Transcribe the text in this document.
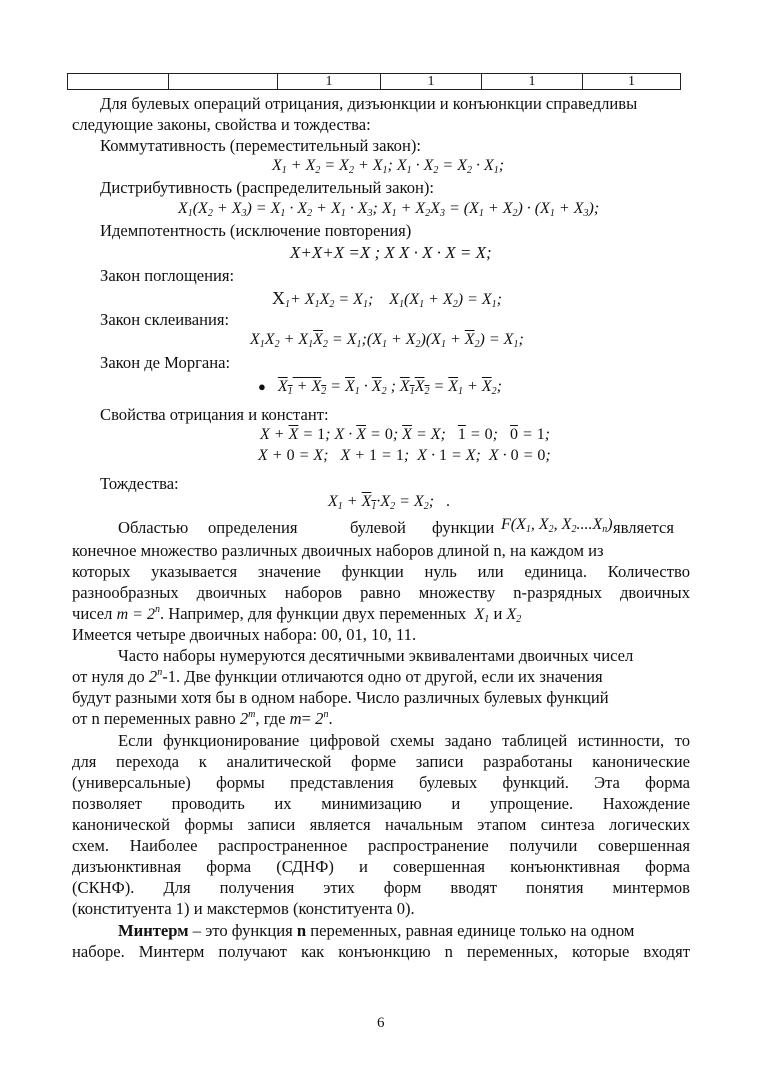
		1	1	1	1
Для булевых операций отрицания, дизъюнкции и конъюнкции справедливы
следующие законы, свойства и тождества:
Коммутативность (переместительный закон):
$X_1 + X_2 = X_2 + X_1$; $X_1 \cdot X_2 = X_2 \cdot X_1$;
Дистрибутивность (распределительный закон):
$X_1(X_2 + X_3) = X_1 \cdot X_2 + X_1 \cdot X_3$; $X_1 + X_2X_3 = (X_1 + X_2) \cdot (X_1 + X_3)$;
Идемпотентность (исключение повторения)
X+X+X =X ; X X · X · X = X;
Закон поглощения:
$X_1+ X_1X_2 = X_1$;    $X_1(X_1 + X_2) = X_1$;
Закон склеивания:
$X_1X_2 + X_1\overline{X}_2$ = $X_1;(X_1 + X_2)(X_1 + \overline{X}_2) = X_1$;
Закон де Моргана:
● $X_1 + X_2 = \overline{X}_1 \cdot \overline{X}_2$ ; $X_1X_2 = \overline{X}_1 + \overline{X}_2$;
Свойства отрицания и констант:
$X + \overline{X} = 1$; $X \cdot \overline{X} = 0$; $\overline{X} = X$;   1 = 0;   0 = 1;
X + 0 = X;   X + 1 = 1;  X · 1 = X;  X · 0 = 0;
Тождества:
$X_1 + X_1\cdot X_2 = X_2$;   .
Областью определения	булевой функции $F(X_1$, $X_2$, $X_2....X_n$) является
конечное множество различных двоичных наборов длиной n, на каждом из
которых указывается значение функции нуль или единица. Количество
разнообразных двоичных наборов равно множеству n-разрядных двоичных
чисел $m = 2^n$. Например, для функции двух переменных $X_1$ и $X_2$
Имеется четыре двоичных набора: 00, 01, 10, 11.
Часто наборы нумеруются десятичными эквивалентами двоичных чисел
от нуля до 2$^n$-1. Две функции отличаются одно от другой, если их значения
будут разными хотя бы в одном наборе. Число различных булевых функций
от n переменных равно 2$^m$, где $m= 2^n$.
Если функционирование цифровой схемы задано таблицей истинности, то
для перехода к аналитической форме записи разработаны канонические
(универсальные) формы представления булевых функций. Эта форма
позволяет проводить их минимизацию и упрощение. Нахождение
канонической формы записи является начальным этапом синтеза логических
схем. Наиболее распространенное распространение получили совершенная
дизъюнктивная форма (СДНФ) и совершенная конъюнктивная форма
(СКНФ). Для получения этих форм вводят понятия минтермов
(конституента 1) и макстермов (конституента 0).
Минтерм – это функция n переменных, равная единице только на одном
наборе. Минтерм получают как конъюнкцию n переменных, которые входят
6
